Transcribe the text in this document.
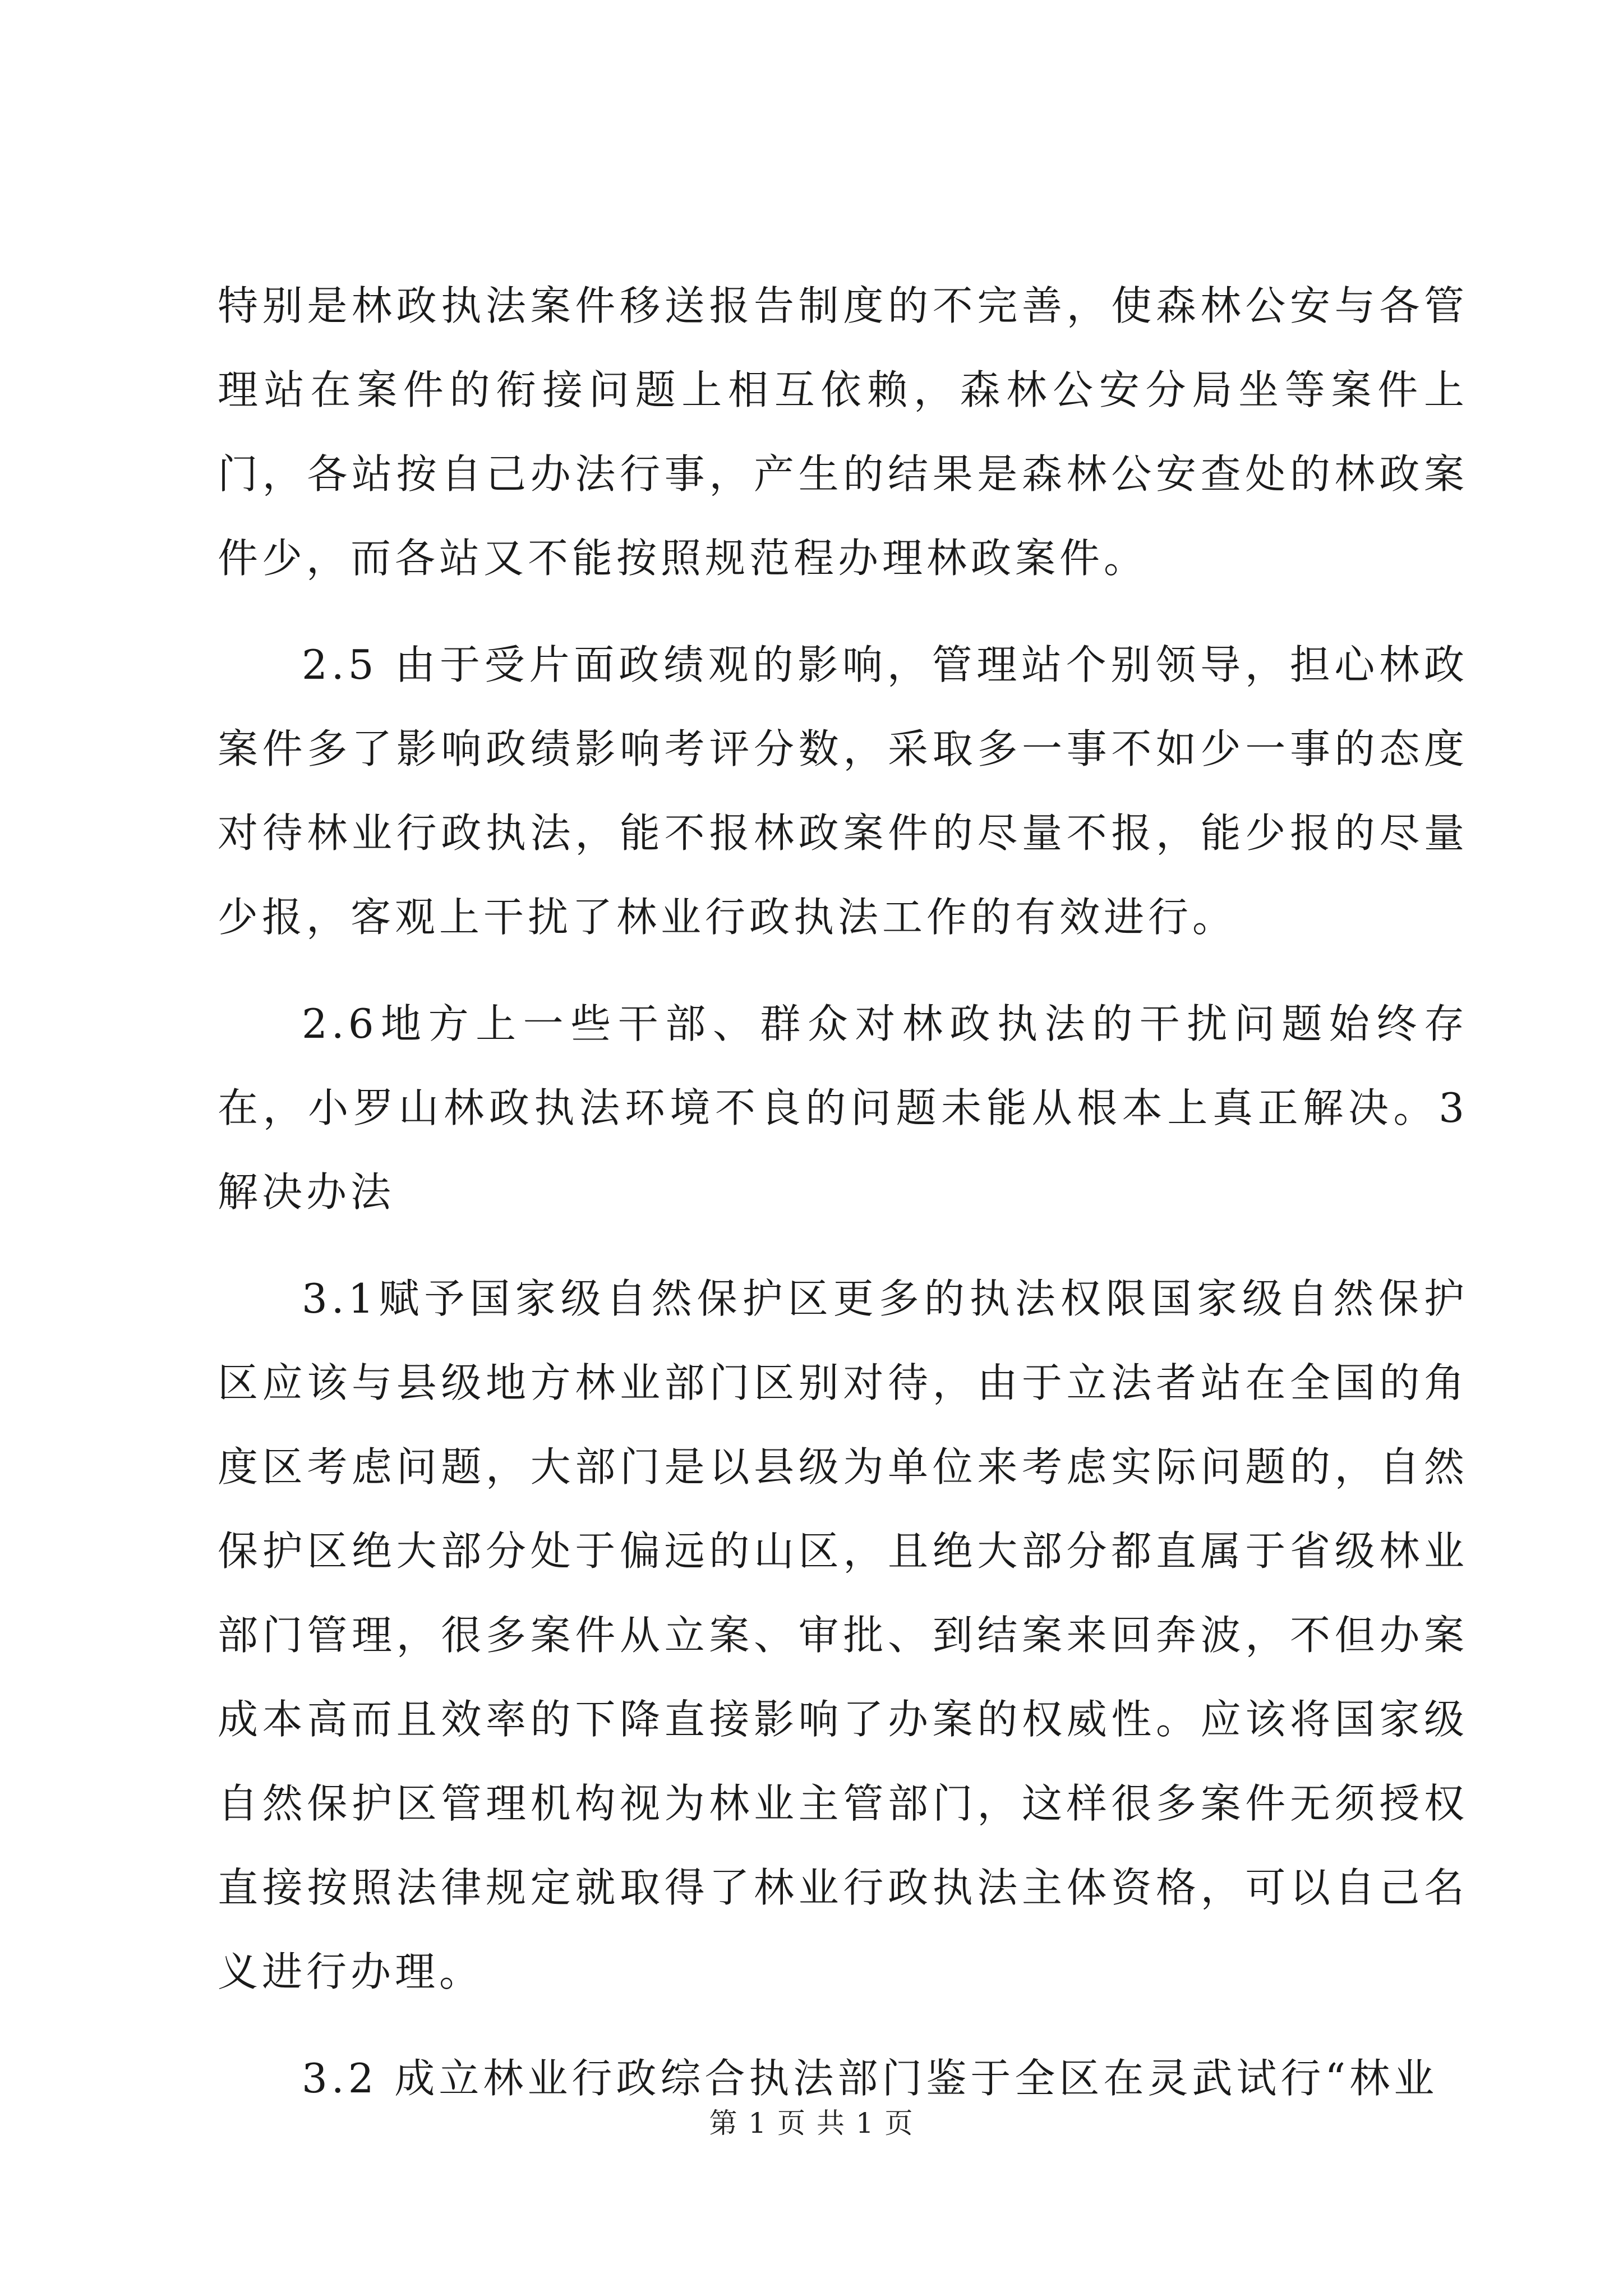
特别是林政执法案件移送报告制度的不完善，使森林公安与各管理站在案件的衔接问题上相互依赖，森林公安分局坐等案件上门，各站按自己办法行事，产生的结果是森林公安查处的林政案件少，而各站又不能按照规范程办理林政案件。

2.5 由于受片面政绩观的影响，管理站个别领导，担心林政案件多了影响政绩影响考评分数，采取多一事不如少一事的态度对待林业行政执法，能不报林政案件的尽量不报，能少报的尽量少报，客观上干扰了林业行政执法工作的有效进行。

2.6地方上一些干部、群众对林政执法的干扰问题始终存在，小罗山林政执法环境不良的问题未能从根本上真正解决。3解决办法

3.1赋予国家级自然保护区更多的执法权限国家级自然保护区应该与县级地方林业部门区别对待，由于立法者站在全国的角度区考虑问题，大部门是以县级为单位来考虑实际问题的，自然保护区绝大部分处于偏远的山区，且绝大部分都直属于省级林业部门管理，很多案件从立案、审批、到结案来回奔波，不但办案成本高而且效率的下降直接影响了办案的权威性。应该将国家级自然保护区管理机构视为林业主管部门，这样很多案件无须授权直接按照法律规定就取得了林业行政执法主体资格，可以自己名义进行办理。

3.2 成立林业行政综合执法部门鉴于全区在灵武试行“林业

第 1 页 共 1 页
